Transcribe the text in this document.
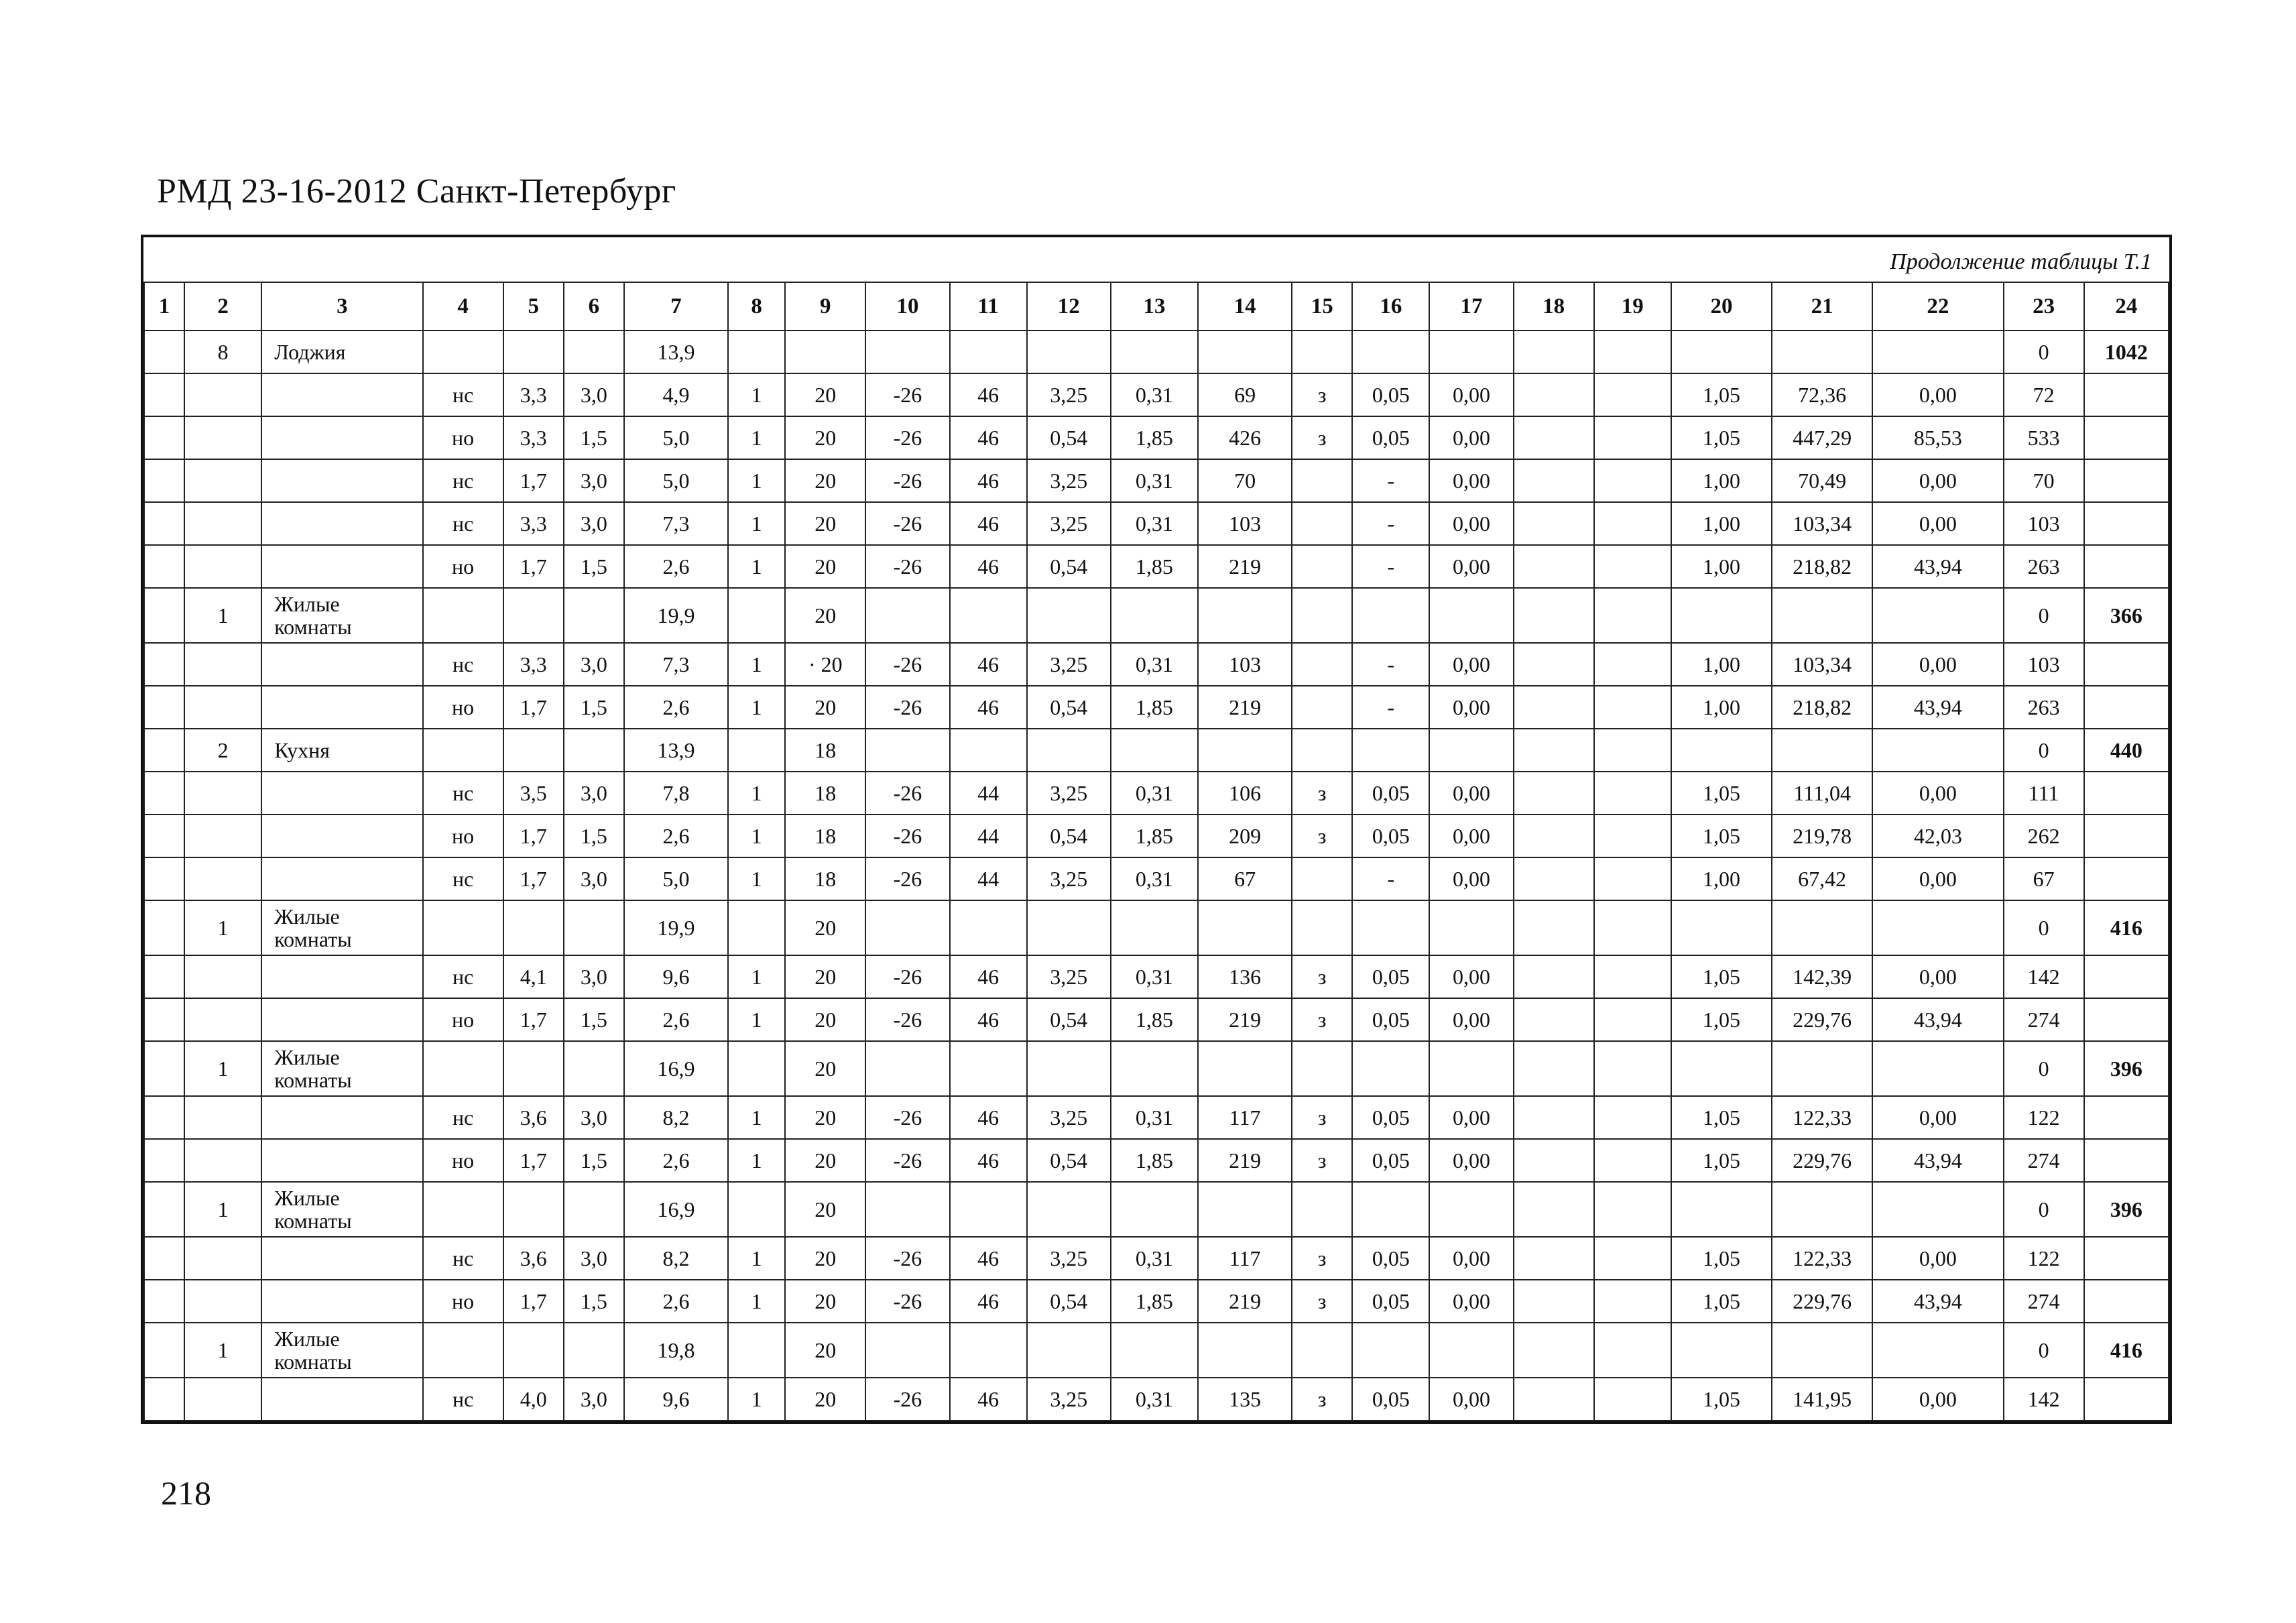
РМД 23-16-2012 Санкт-Петербург
Продолжение таблицы Т.1
1	2	3	4	5	6	7	8	9	10	11	12	13	14	15	16	17	18	19	20	21	22	23	24
	8	Лоджия				13,9																0	1042
			нс	3,3	3,0	4,9	1	20	-26	46	3,25	0,31	69	з	0,05	0,00			1,05	72,36	0,00	72	
			но	3,3	1,5	5,0	1	20	-26	46	0,54	1,85	426	з	0,05	0,00			1,05	447,29	85,53	533	
			нс	1,7	3,0	5,0	1	20	-26	46	3,25	0,31	70		-	0,00			1,00	70,49	0,00	70	
			нс	3,3	3,0	7,3	1	20	-26	46	3,25	0,31	103		-	0,00			1,00	103,34	0,00	103	
			но	1,7	1,5	2,6	1	20	-26	46	0,54	1,85	219		-	0,00			1,00	218,82	43,94	263	
	1	Жилые комнаты				19,9		20														0	366
			нс	3,3	3,0	7,3	1	· 20	-26	46	3,25	0,31	103		-	0,00			1,00	103,34	0,00	103	
			но	1,7	1,5	2,6	1	20	-26	46	0,54	1,85	219		-	0,00			1,00	218,82	43,94	263	
	2	Кухня				13,9		18														0	440
			нс	3,5	3,0	7,8	1	18	-26	44	3,25	0,31	106	з	0,05	0,00			1,05	111,04	0,00	111	
			но	1,7	1,5	2,6	1	18	-26	44	0,54	1,85	209	з	0,05	0,00			1,05	219,78	42,03	262	
			нс	1,7	3,0	5,0	1	18	-26	44	3,25	0,31	67		-	0,00			1,00	67,42	0,00	67	
	1	Жилые комнаты				19,9		20														0	416
			нс	4,1	3,0	9,6	1	20	-26	46	3,25	0,31	136	з	0,05	0,00			1,05	142,39	0,00	142	
			но	1,7	1,5	2,6	1	20	-26	46	0,54	1,85	219	з	0,05	0,00			1,05	229,76	43,94	274	
	1	Жилые комнаты				16,9		20														0	396
			нс	3,6	3,0	8,2	1	20	-26	46	3,25	0,31	117	з	0,05	0,00			1,05	122,33	0,00	122	
			но	1,7	1,5	2,6	1	20	-26	46	0,54	1,85	219	з	0,05	0,00			1,05	229,76	43,94	274	
	1	Жилые комнаты				16,9		20														0	396
			нс	3,6	3,0	8,2	1	20	-26	46	3,25	0,31	117	з	0,05	0,00			1,05	122,33	0,00	122	
			но	1,7	1,5	2,6	1	20	-26	46	0,54	1,85	219	з	0,05	0,00			1,05	229,76	43,94	274	
	1	Жилые комнаты				19,8		20														0	416
			нс	4,0	3,0	9,6	1	20	-26	46	3,25	0,31	135	з	0,05	0,00			1,05	141,95	0,00	142	
218
